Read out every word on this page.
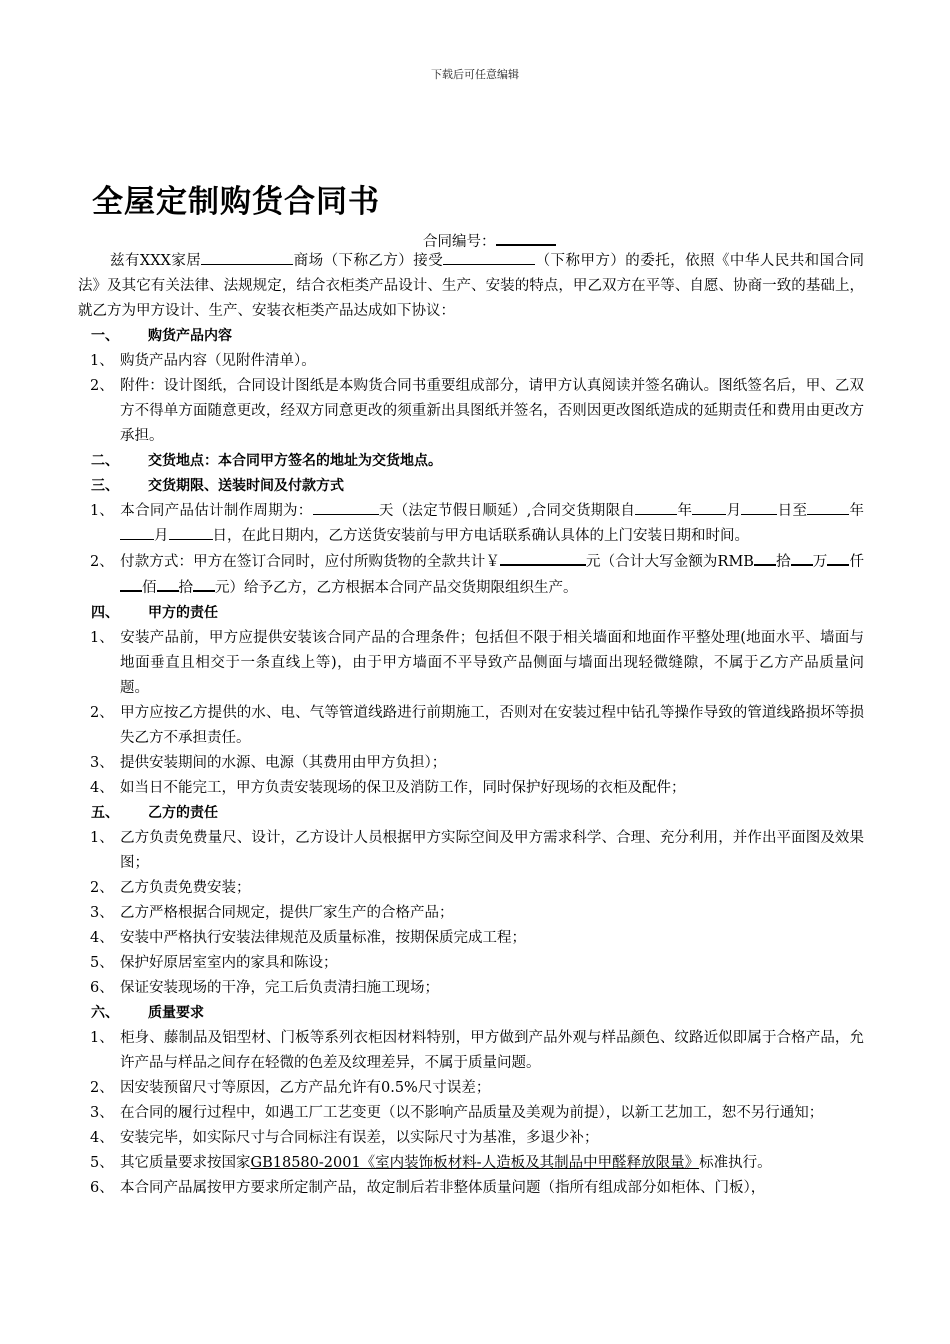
下载后可任意编辑
全屋定制购货合同书
合同编号：

兹有XXX家居	商场（下称乙方）接受	（下称甲方）的委托，依照《中华人民共和国合同法》及其它有关法律、法规规定，结合衣柜类产品设计、生产、安装的特点，甲乙双方在平等、自愿、协商一致的基础上，就乙方为甲方设计、生产、安装衣柜类产品达成如下协议：

一、 购货产品内容

1、 购货产品内容（见附件清单）。

2、 附件：设计图纸，合同设计图纸是本购货合同书重要组成部分，请甲方认真阅读并签名确认。图纸签名后，甲、乙双方不得单方面随意更改，经双方同意更改的须重新出具图纸并签名，否则因更改图纸造成的延期责任和费用由更改方承担。

二、 交货地点：本合同甲方签名的地址为交货地点。

三、 交货期限、送装时间及付款方式

1、 本合同产品估计制作周期为：	天（法定节假日顺延）,合同交货期限自	年 月 日至	年月	日，在此日期内，乙方送货安装前与甲方电话联系确认具体的上门安装日期和时间。

2、 付款方式：甲方在签订合同时，应付所购货物的全款共计￥	元（合计大写金额为RMB 拾 万 仟佰 拾 元）给予乙方，乙方根据本合同产品交货期限组织生产。

四、 甲方的责任

1、 安装产品前，甲方应提供安装该合同产品的合理条件；包括但不限于相关墙面和地面作平整处理(地面水平、墙面与地面垂直且相交于一条直线上等)，由于甲方墙面不平导致产品侧面与墙面出现轻微缝隙，不属于乙方产品质量问题。

2、 甲方应按乙方提供的水、电、气等管道线路进行前期施工，否则对在安装过程中钻孔等操作导致的管道线路损坏等损失乙方不承担责任。

3、 提供安装期间的水源、电源（其费用由甲方负担）；

4、 如当日不能完工，甲方负责安装现场的保卫及消防工作，同时保护好现场的衣柜及配件；

五、 乙方的责任

1、 乙方负责免费量尺、设计，乙方设计人员根据甲方实际空间及甲方需求科学、合理、充分利用，并作出平面图及效果图；

2、 乙方负责免费安装；

3、 乙方严格根据合同规定，提供厂家生产的合格产品；

4、 安装中严格执行安装法律规范及质量标准，按期保质完成工程；

5、 保护好原居室室内的家具和陈设；

6、 保证安装现场的干净，完工后负责清扫施工现场；

六、 质量要求

1、 柜身、藤制品及铝型材、门板等系列衣柜因材料特别，甲方做到产品外观与样品颜色、纹路近似即属于合格产品，允许产品与样品之间存在轻微的色差及纹理差异，不属于质量问题。

2、 因安装预留尺寸等原因，乙方产品允许有0.5%尺寸误差；

3、 在合同的履行过程中，如遇工厂工艺变更（以不影响产品质量及美观为前提），以新工艺加工，恕不另行通知；

4、 安装完毕，如实际尺寸与合同标注有误差，以实际尺寸为基准，多退少补；

5、 其它质量要求按国家GB18580-2001《室内装饰板材料-人造板及其制品中甲醛释放限量》标准执行。

6、 本合同产品属按甲方要求所定制产品，故定制后若非整体质量问题（指所有组成部分如柜体、门板），
